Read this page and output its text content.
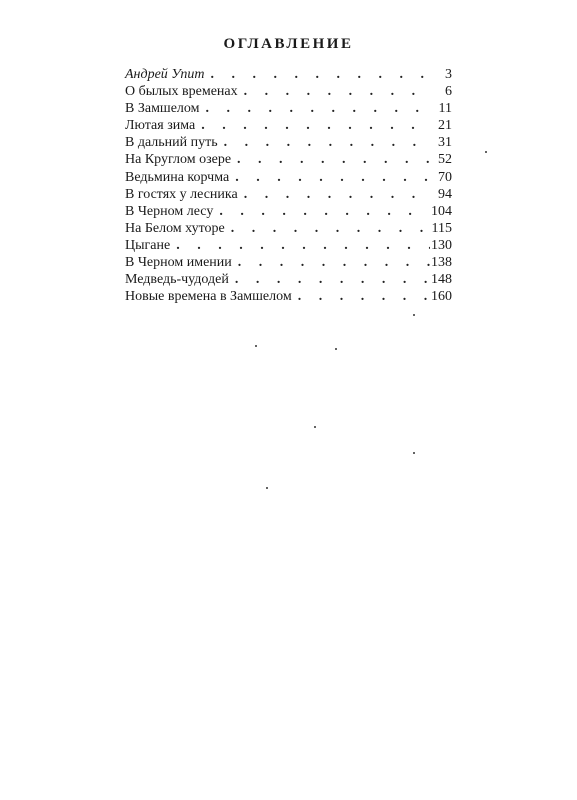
ОГЛАВЛЕНИЕ
Андрей Упит . . .	3
О былых временах . . .	6
В Замшелом . . .	11
Лютая зима . . .	21
В дальний путь . . .	31
На Круглом озере . . .	52
Ведьмина корчма . . .	70
В гостях у лесника . . .	94
В Черном лесу . . .	104
На Белом хуторе . . .	115
Цыгане . . .	130
В Черном имении . . .	138
Медведь-чудодей . . .	148
Новые времена в Замшелом . . .	160
